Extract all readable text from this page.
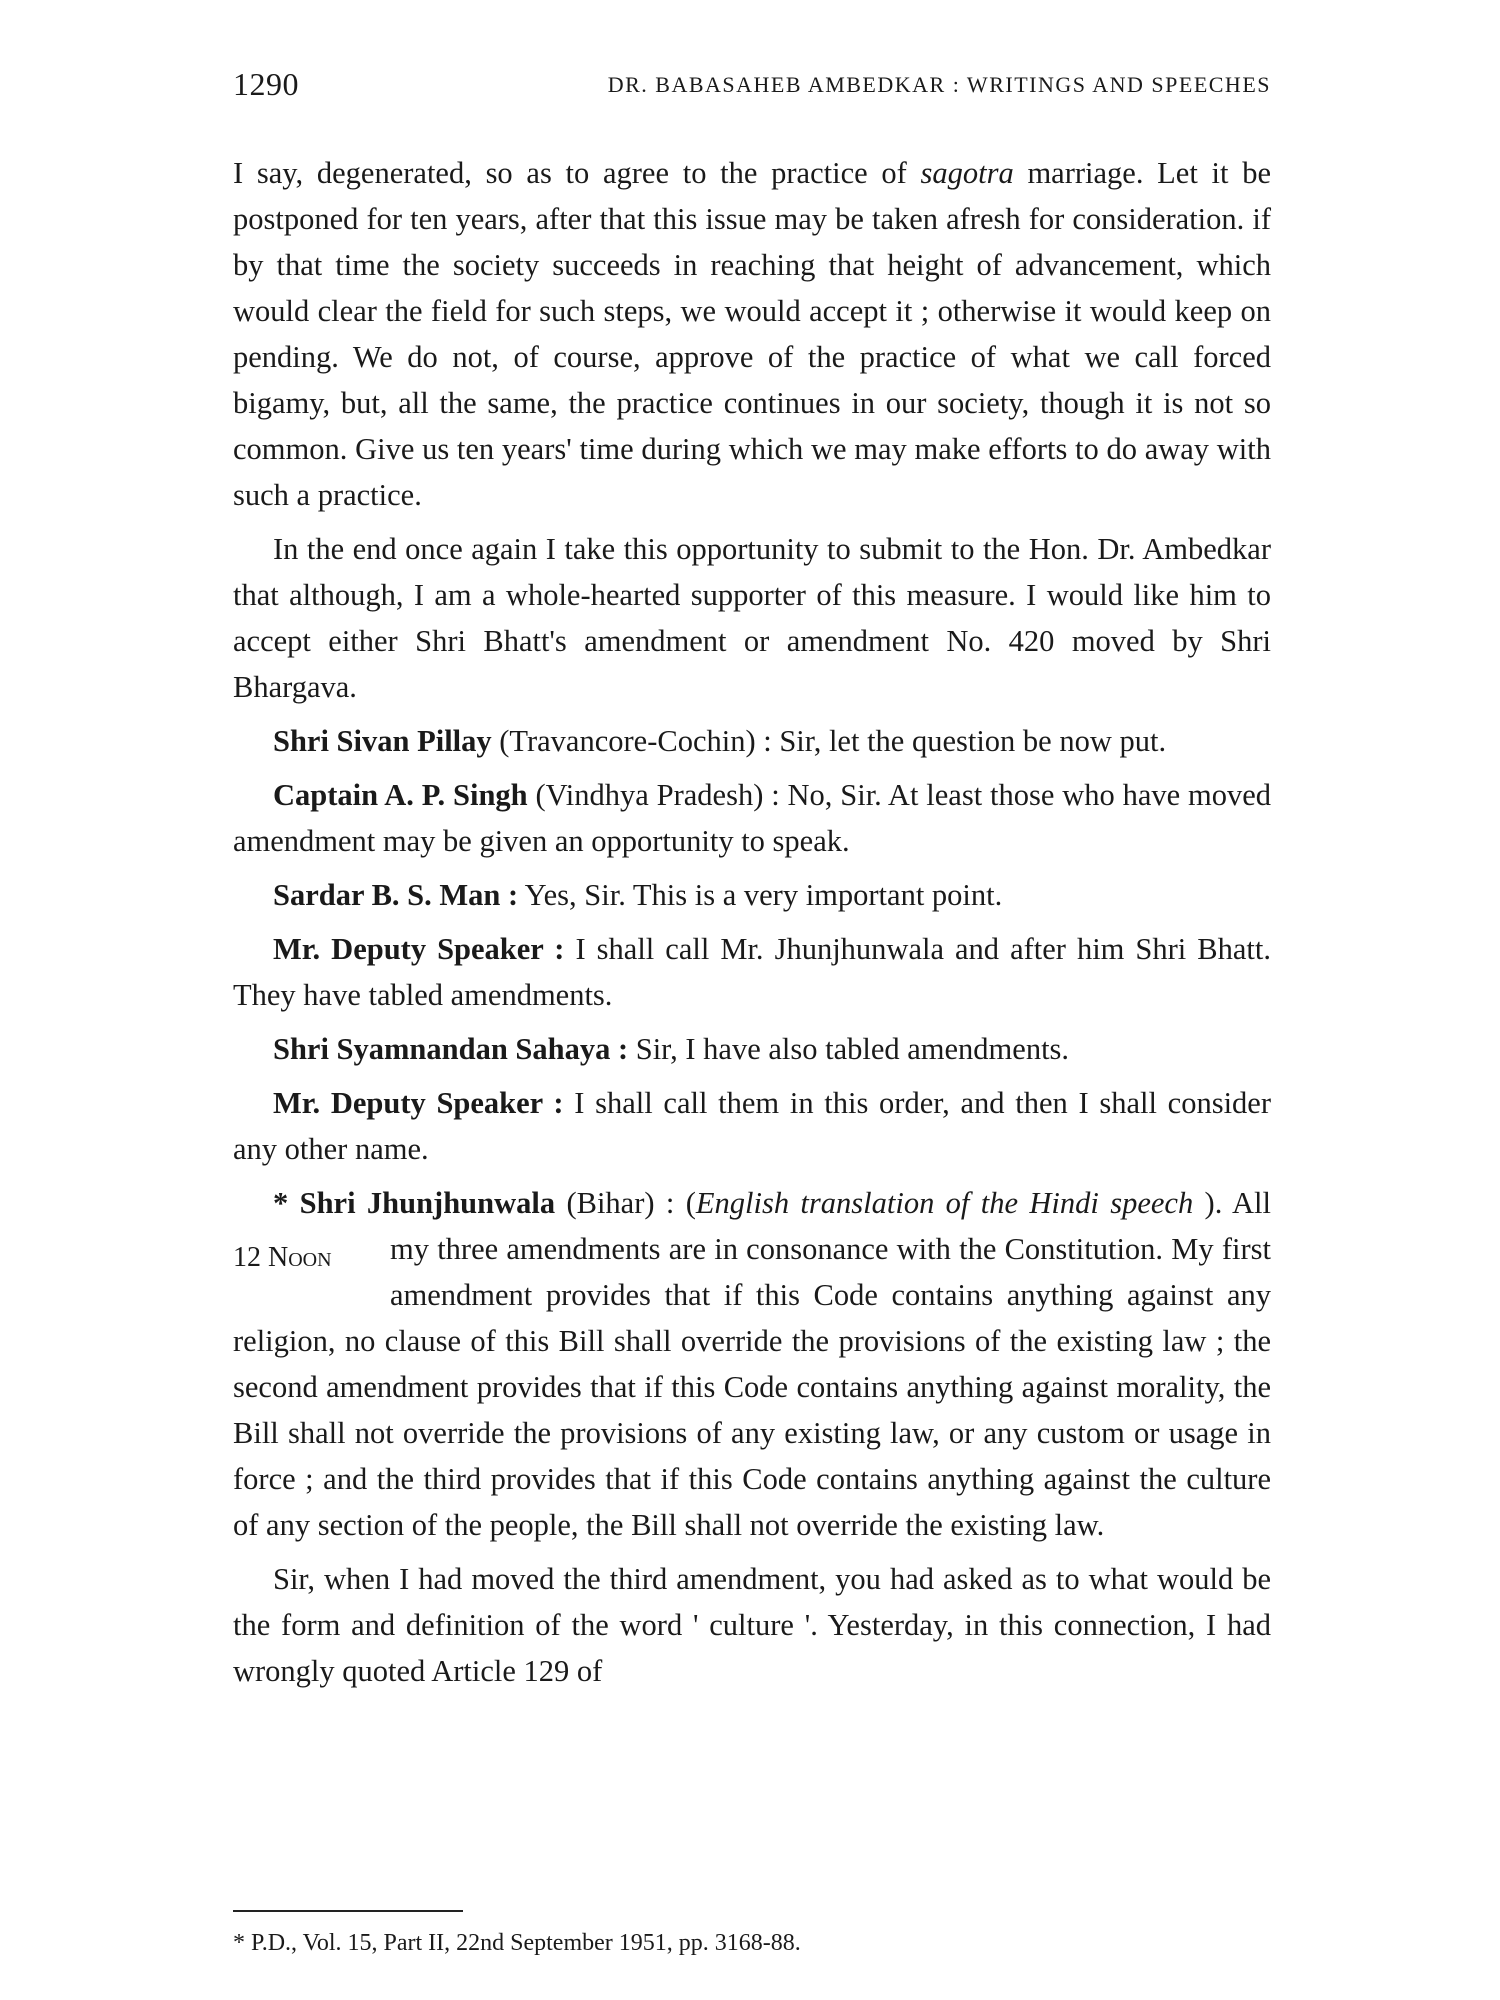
1290	DR. BABASAHEB AMBEDKAR : WRITINGS AND SPEECHES

I say, degenerated, so as to agree to the practice of sagotra marriage. Let it be postponed for ten years, after that this issue may be taken afresh for consideration. if by that time the society succeeds in reaching that height of advancement, which would clear the field for such steps, we would accept it ; otherwise it would keep on pending. We do not, of course, approve of the practice of what we call forced bigamy, but, all the same, the practice continues in our society, though it is not so common. Give us ten years' time during which we may make efforts to do away with such a practice.

In the end once again I take this opportunity to submit to the Hon. Dr. Ambedkar that although, I am a whole-hearted supporter of this measure. I would like him to accept either Shri Bhatt's amendment or amendment No. 420 moved by Shri Bhargava.

Shri Sivan Pillay (Travancore-Cochin) : Sir, let the question be now put.

Captain A. P. Singh (Vindhya Pradesh) : No, Sir. At least those who have moved amendment may be given an opportunity to speak.

Sardar B. S. Man : Yes, Sir. This is a very important point.

Mr. Deputy Speaker : I shall call Mr. Jhunjhunwala and after him Shri Bhatt. They have tabled amendments.

Shri Syamnandan Sahaya : Sir, I have also tabled amendments.

Mr. Deputy Speaker : I shall call them in this order, and then I shall consider any other name.

* Shri Jhunjhunwala (Bihar) : (English translation of the Hindi speech
12 Noon
). All my three amendments are in consonance with the Constitution. My first amendment provides that if this Code contains anything against any religion, no clause of this Bill shall override the provisions of the existing law ; the second amendment provides that if this Code contains anything against morality, the Bill shall not override the provisions of any existing law, or any custom or usage in force ; and the third provides that if this Code contains anything against the culture of any section of the people, the Bill shall not override the existing law.

Sir, when I had moved the third amendment, you had asked as to what would be the form and definition of the word ' culture '. Yesterday, in this connection, I had wrongly quoted Article 129 of

* P.D., Vol. 15, Part II, 22nd September 1951, pp. 3168-88.
